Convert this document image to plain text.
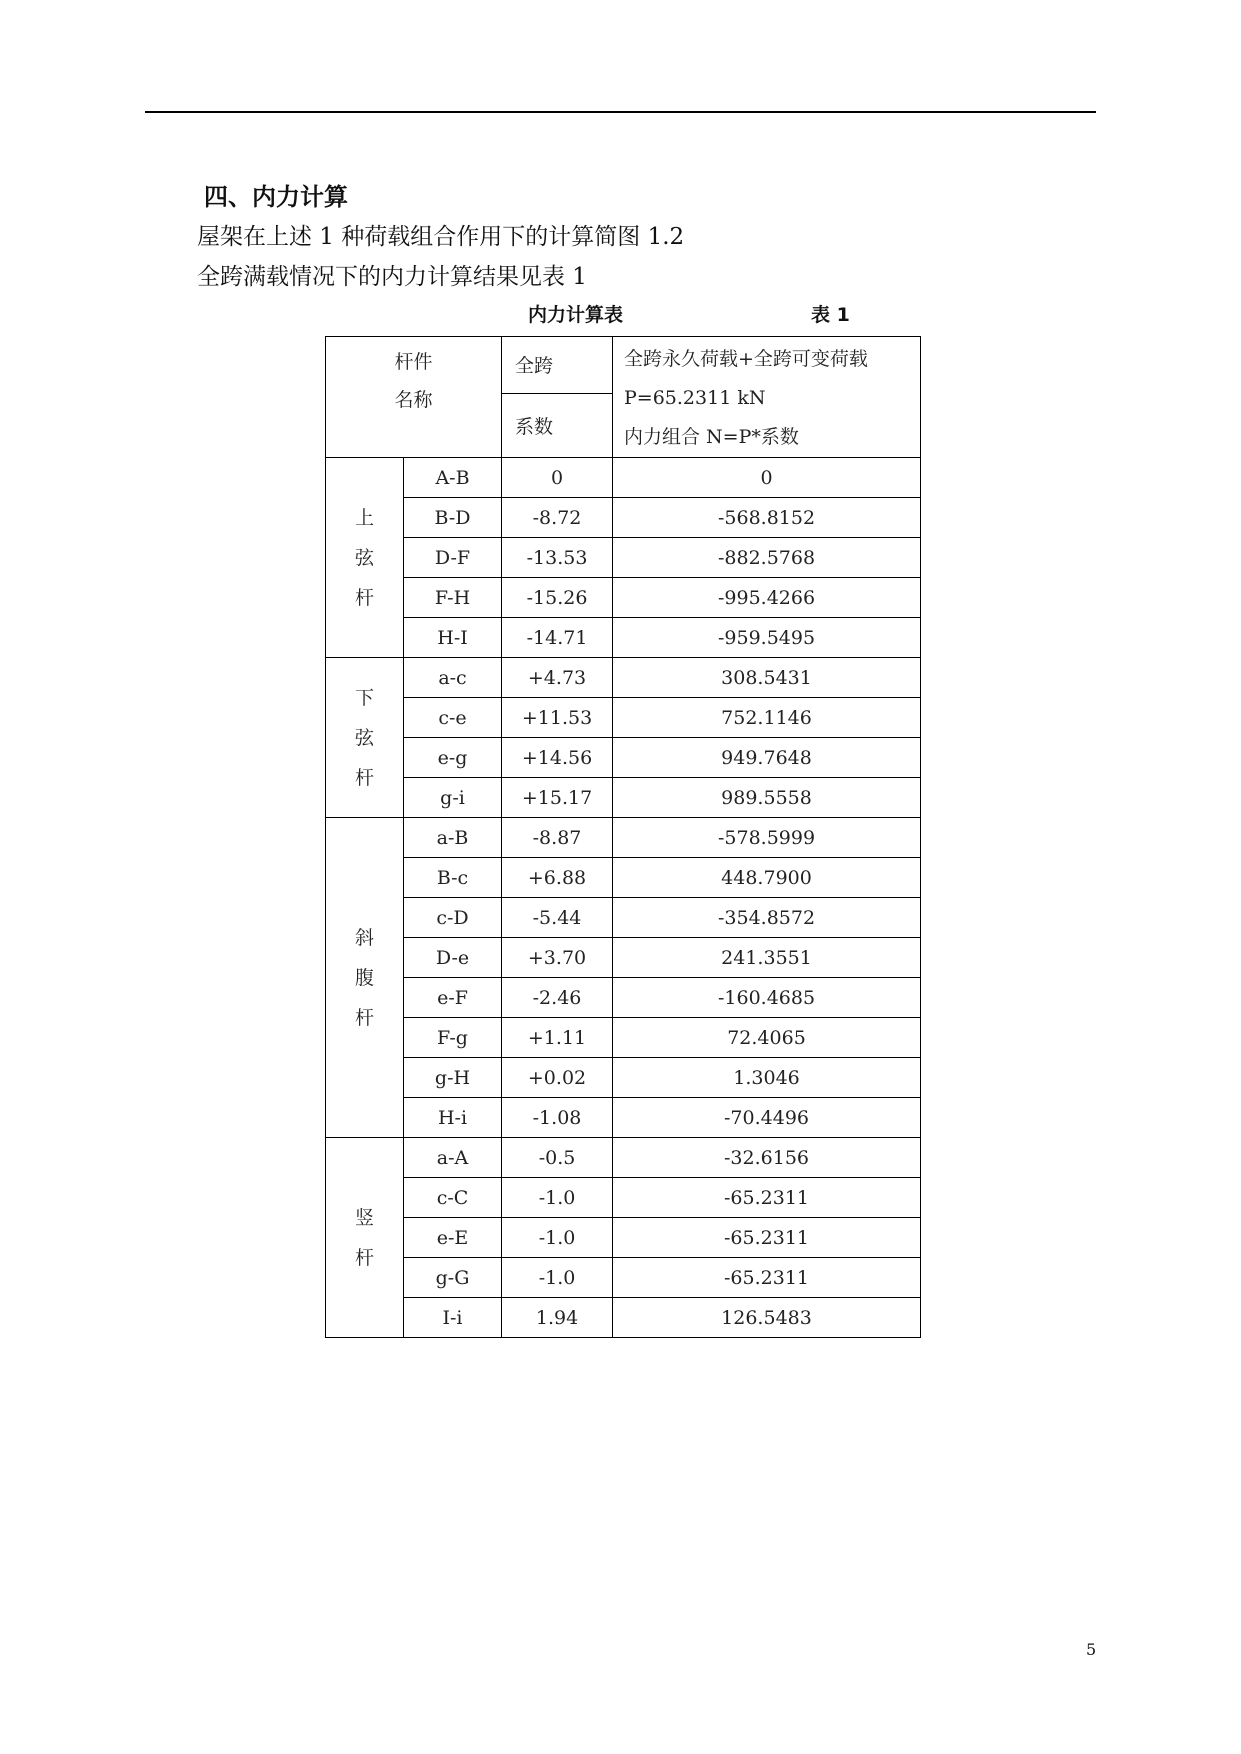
四、内力计算
屋架在上述 1 种荷载组合作用下的计算简图 1.2
全跨满载情况下的内力计算结果见表 1
内力计算表	表 1
杆件
名称		全跨	全跨永久荷载+全跨可变荷载
P=65.2311 kN
内力组合 N=P*系数

		系数	

上
弦
杆	A-B	0	0
	B-D	-8.72	-568.8152
	D-F	-13.53	-882.5768
	F-H	-15.26	-995.4266
	H-I	-14.71	-959.5495

下
弦
杆	a-c	+4.73	308.5431
	c-e	+11.53	752.1146
	e-g	+14.56	949.7648
	g-i	+15.17	989.5558

斜
腹
杆	a-B	-8.87	-578.5999
	B-c	+6.88	448.7900
	c-D	-5.44	-354.8572
	D-e	+3.70	241.3551
	e-F	-2.46	-160.4685
	F-g	+1.11	72.4065
	g-H	+0.02	1.3046
	H-i	-1.08	-70.4496

竖
杆	a-A	-0.5	-32.6156
	c-C	-1.0	-65.2311
	e-E	-1.0	-65.2311
	g-G	-1.0	-65.2311
	I-i	1.94	126.5483
5
